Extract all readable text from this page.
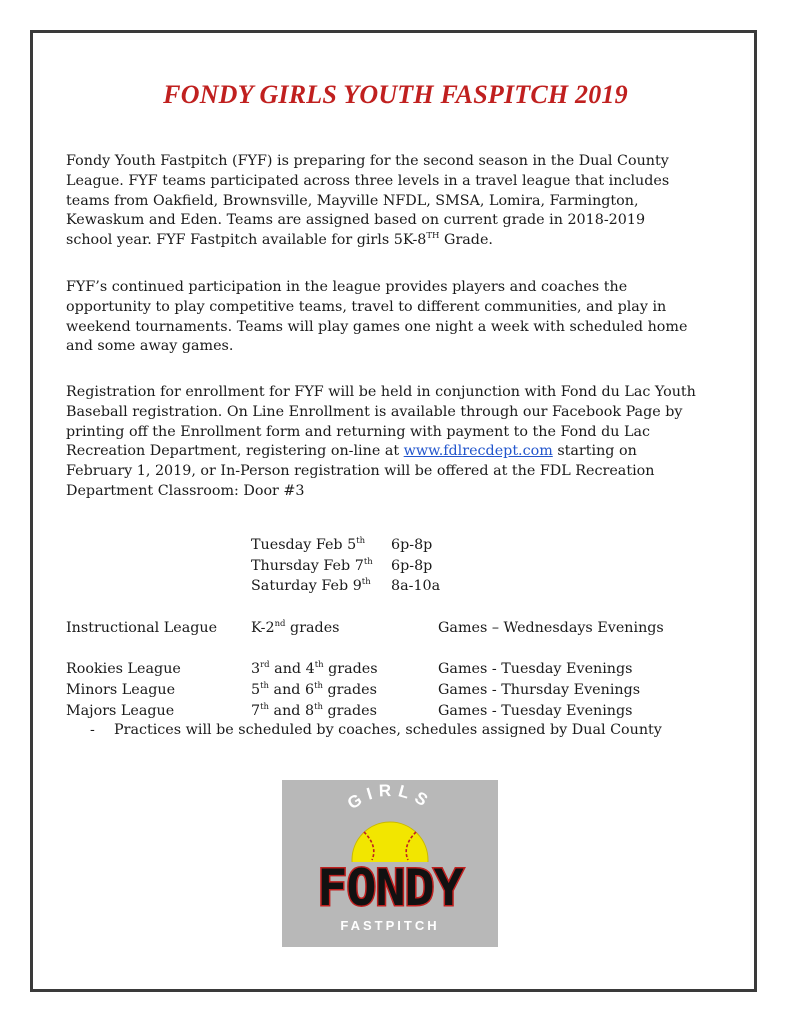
FONDY GIRLS YOUTH FASPITCH 2019

Fondy Youth Fastpitch (FYF) is preparing for the second season in the Dual County

League. FYF teams participated across three levels in a travel league that includes

teams from Oakfield, Brownsville, Mayville NFDL, SMSA, Lomira, Farmington,

Kewaskum and Eden. Teams are assigned based on current grade in 2018-2019

school year. FYF Fastpitch available for girls 5K-8TH Grade.

FYF’s continued participation in the league provides players and coaches the

opportunity to play competitive teams, travel to different communities, and play in

weekend tournaments. Teams will play games one night a week with scheduled home

and some away games.

Registration for enrollment for FYF will be held in conjunction with Fond du Lac Youth

Baseball registration. On Line Enrollment is available through our Facebook Page by

printing off the Enrollment form and returning with payment to the Fond du Lac

Recreation Department, registering on-line at www.fdlrecdept.com starting on

February 1, 2019, or In-Person registration will be offered at the FDL Recreation

Department Classroom: Door #3

Tuesday Feb 5th	6p-8p
Thursday Feb 7th	6p-8p
Saturday Feb 9th	8a-10a
Instructional League	K-2nd grades	Games – Wednesdays Evenings
Rookies League	3rd and 4th grades	Games - Tuesday Evenings
Minors League	5th and 6th grades	Games - Thursday Evenings
Majors League	7th and 8th grades	Games - Tuesday Evenings
- Practices will be scheduled by coaches, schedules assigned by Dual County
GIRLS
FONDY
FASTPITCH
